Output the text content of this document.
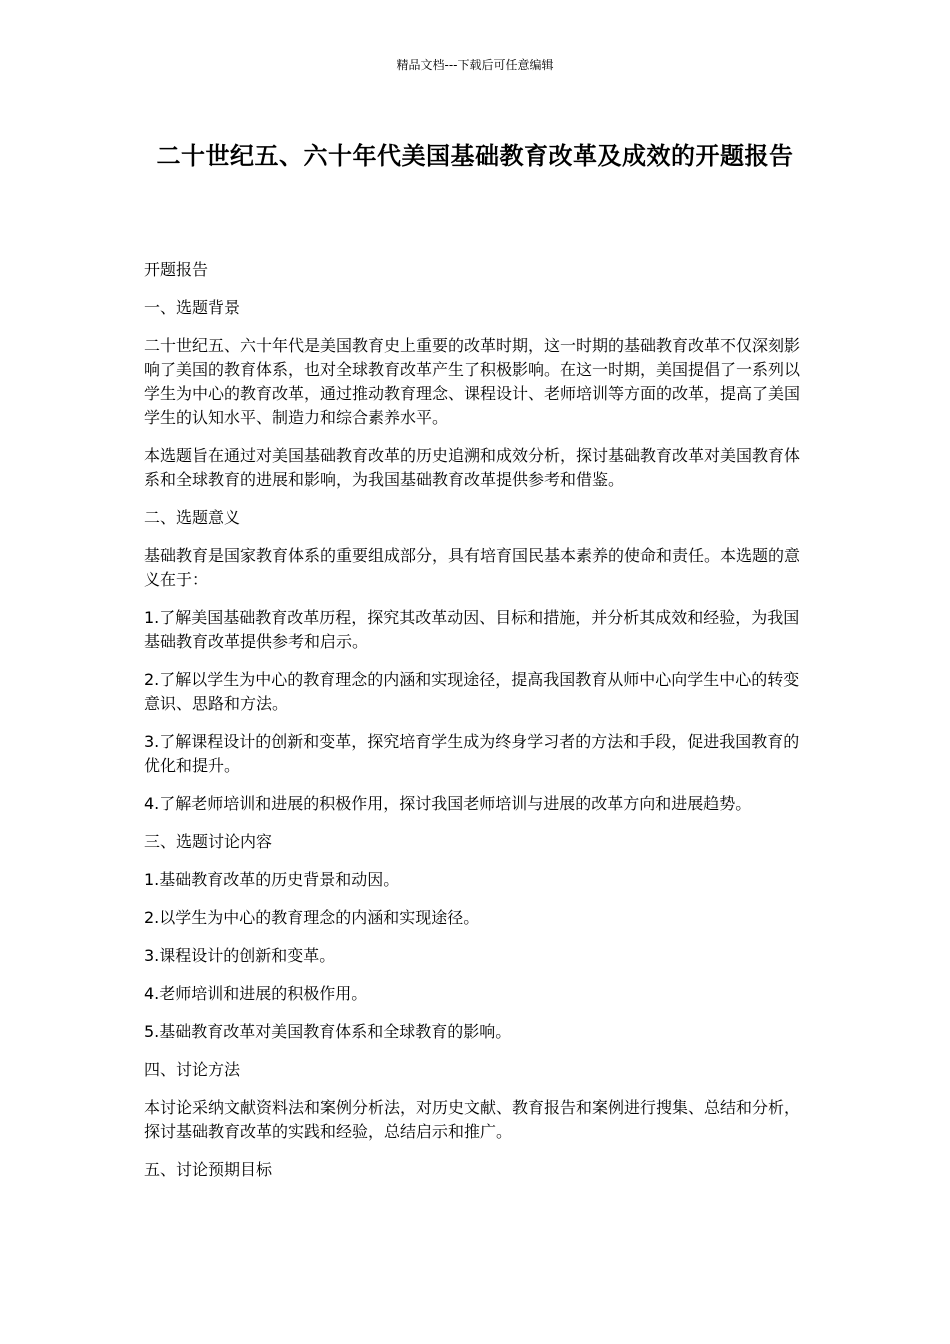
精品文档---下载后可任意编辑
二十世纪五、六十年代美国基础教育改革及成效的开题报告

开题报告

一、选题背景

二十世纪五、六十年代是美国教育史上重要的改革时期，这一时期的基础教育改革不仅深刻影响了美国的教育体系，也对全球教育改革产生了积极影响。在这一时期，美国提倡了一系列以学生为中心的教育改革，通过推动教育理念、课程设计、老师培训等方面的改革，提高了美国学生的认知水平、制造力和综合素养水平。

本选题旨在通过对美国基础教育改革的历史追溯和成效分析，探讨基础教育改革对美国教育体系和全球教育的进展和影响，为我国基础教育改革提供参考和借鉴。

二、选题意义

基础教育是国家教育体系的重要组成部分，具有培育国民基本素养的使命和责任。本选题的意义在于：

1.了解美国基础教育改革历程，探究其改革动因、目标和措施，并分析其成效和经验，为我国基础教育改革提供参考和启示。

2.了解以学生为中心的教育理念的内涵和实现途径，提高我国教育从师中心向学生中心的转变意识、思路和方法。

3.了解课程设计的创新和变革，探究培育学生成为终身学习者的方法和手段，促进我国教育的优化和提升。

4.了解老师培训和进展的积极作用，探讨我国老师培训与进展的改革方向和进展趋势。

三、选题讨论内容

1.基础教育改革的历史背景和动因。

2.以学生为中心的教育理念的内涵和实现途径。

3.课程设计的创新和变革。

4.老师培训和进展的积极作用。

5.基础教育改革对美国教育体系和全球教育的影响。

四、讨论方法

本讨论采纳文献资料法和案例分析法，对历史文献、教育报告和案例进行搜集、总结和分析，探讨基础教育改革的实践和经验，总结启示和推广。

五、讨论预期目标
